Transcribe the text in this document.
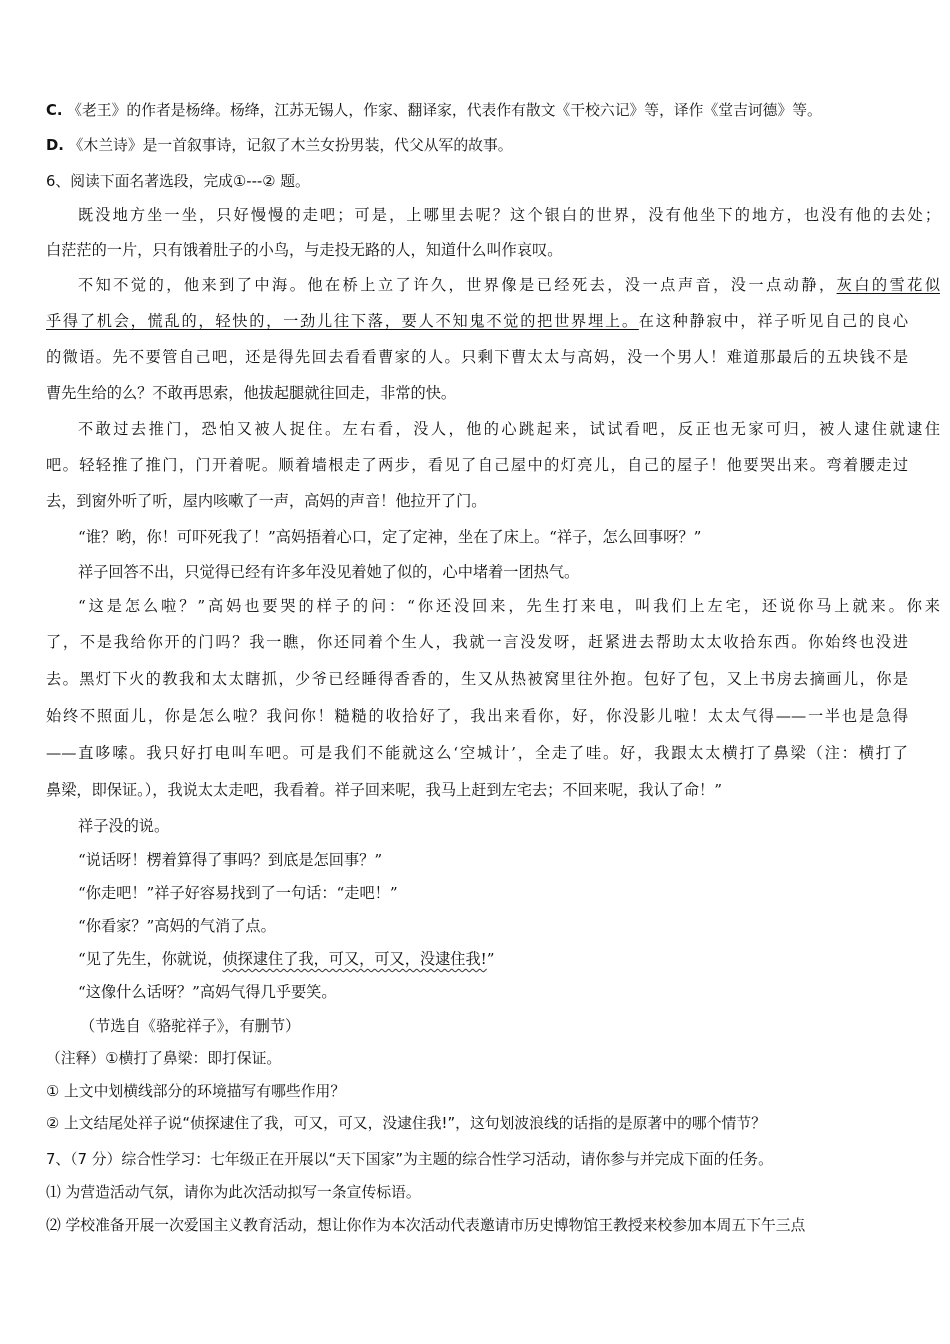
C. 《老王》的作者是杨绛。杨绛，江苏无锡人，作家、翻译家，代表作有散文《干校六记》等，译作《堂吉诃德》等。
D. 《木兰诗》是一首叙事诗，记叙了木兰女扮男装，代父从军的故事。
6、阅读下面名著选段，完成①---② 题。
既没地方坐一坐，只好慢慢的走吧；可是，上哪里去呢？这个银白的世界，没有他坐下的地方，也没有他的去处；
白茫茫的一片，只有饿着肚子的小鸟，与走投无路的人，知道什么叫作哀叹。
不知不觉的，他来到了中海。他在桥上立了许久，世界像是已经死去，没一点声音，没一点动静，灰白的雪花似
乎得了机会，慌乱的，轻快的，一劲儿往下落，要人不知鬼不觉的把世界埋上。在这种静寂中，祥子听见自己的良心
的微语。先不要管自己吧，还是得先回去看看曹家的人。只剩下曹太太与高妈，没一个男人！难道那最后的五块钱不是
曹先生给的么？不敢再思索，他拔起腿就往回走，非常的快。
不敢过去推门，恐怕又被人捉住。左右看，没人，他的心跳起来，试试看吧，反正也无家可归，被人逮住就逮住
吧。轻轻推了推门，门开着呢。顺着墙根走了两步，看见了自己屋中的灯亮儿，自己的屋子！他要哭出来。弯着腰走过
去，到窗外听了听，屋内咳嗽了一声，高妈的声音！他拉开了门。
“谁？哟，你！可吓死我了！”高妈捂着心口，定了定神，坐在了床上。“祥子，怎么回事呀？”
祥子回答不出，只觉得已经有许多年没见着她了似的，心中堵着一团热气。
“这是怎么啦？”高妈也要哭的样子的问：“你还没回来，先生打来电，叫我们上左宅，还说你马上就来。你来
了，不是我给你开的门吗？我一瞧，你还同着个生人，我就一言没发呀，赶紧进去帮助太太收拾东西。你始终也没进
去。黑灯下火的教我和太太瞎抓，少爷已经睡得香香的，生又从热被窝里往外抱。包好了包，又上书房去摘画儿，你是
始终不照面儿，你是怎么啦？我问你！糙糙的收拾好了，我出来看你，好，你没影儿啦！太太气得——一半也是急得
——直哆嗦。我只好打电叫车吧。可是我们不能就这么‘空城计’，全走了哇。好，我跟太太横打了鼻梁（注：横打了
鼻梁，即保证。），我说太太走吧，我看着。祥子回来呢，我马上赶到左宅去；不回来呢，我认了命！”
祥子没的说。
“说话呀！楞着算得了事吗？到底是怎回事？”
“你走吧！”祥子好容易找到了一句话：“走吧！”
“你看家？”高妈的气消了点。
“见了先生，你就说，侦探逮住了我，可又，可又，没逮住我!”
“这像什么话呀？”高妈气得几乎要笑。
（节选自《骆驼祥子》，有删节）
（注释）①横打了鼻梁：即打保证。
① 上文中划横线部分的环境描写有哪些作用？
② 上文结尾处祥子说“侦探逮住了我，可又，可又，没逮住我!”，这句划波浪线的话指的是原著中的哪个情节？
7、（7 分）综合性学习：七年级正在开展以“天下国家”为主题的综合性学习活动，请你参与并完成下面的任务。
⑴ 为营造活动气氛，请你为此次活动拟写一条宣传标语。
⑵ 学校准备开展一次爱国主义教育活动，想让你作为本次活动代表邀请市历史博物馆王教授来校参加本周五下午三点
